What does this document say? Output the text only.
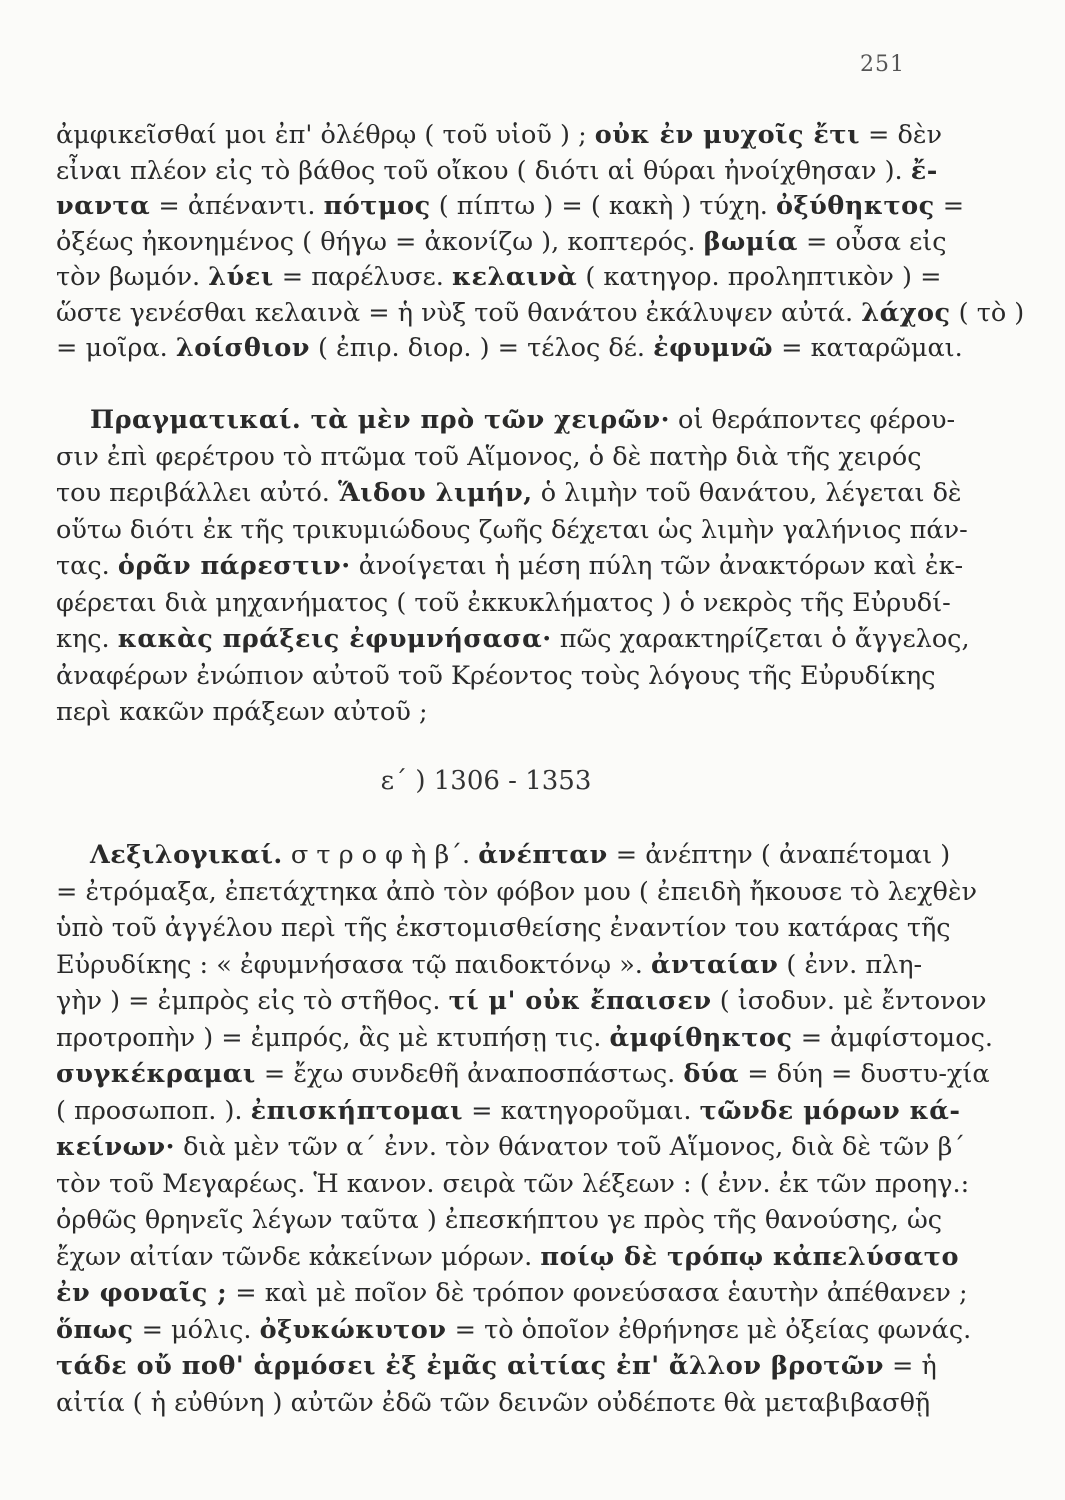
251
ἀμφικεῖσθαί μοι ἐπ' ὀλέθρῳ ( τοῦ υἱοῦ ) ; οὐκ ἐν μυχοῖς ἔτι = δὲν
εἶναι πλέον εἰς τὸ βάθος τοῦ οἴκου ( διότι αἱ θύραι ἠνοίχθησαν ). ἔ-
ναντα = ἀπέναντι. πότμος ( πίπτω ) = ( κακὴ ) τύχη. ὀξύθηκτος =
ὀξέως ἠκονημένος ( θήγω = ἀκονίζω ), κοπτερός. βωμία = οὖσα εἰς
τὸν βωμόν. λύει = παρέλυσε. κελαινὰ ( κατηγορ. προληπτικὸν ) =
ὥστε γενέσθαι κελαινὰ = ἡ νὺξ τοῦ θανάτου ἐκάλυψεν αὐτά. λάχος ( τὸ )
= μοῖρα. λοίσθιον ( ἐπιρ. διορ. ) = τέλος δέ. ἐφυμνῶ = καταρῶμαι.
Πραγματικαί. τὰ μὲν πρὸ τῶν χειρῶν· οἱ θεράποντες φέρου-
σιν ἐπὶ φερέτρου τὸ πτῶμα τοῦ Αἵμονος, ὁ δὲ πατὴρ διὰ τῆς χειρός
του περιβάλλει αὐτό. Ἅιδου λιμήν, ὁ λιμὴν τοῦ θανάτου, λέγεται δὲ
οὕτω διότι ἐκ τῆς τρικυμιώδους ζωῆς δέχεται ὡς λιμὴν γαλήνιος πάν-
τας. ὁρᾶν πάρεστιν· ἀνοίγεται ἡ μέση πύλη τῶν ἀνακτόρων καὶ ἐκ-
φέρεται διὰ μηχανήματος ( τοῦ ἐκκυκλήματος ) ὁ νεκρὸς τῆς Εὐρυδί-
κης. κακὰς πράξεις ἐφυμνήσασα· πῶς χαρακτηρίζεται ὁ ἄγγελος,
ἀναφέρων ἐνώπιον αὐτοῦ τοῦ Κρέοντος τοὺς λόγους τῆς Εὐρυδίκης
περὶ κακῶν πράξεων αὐτοῦ ;
ε΄ ) 1306 - 1353
Λεξιλογικαί. σ τ ρ ο φ ὴ β΄. ἀνέπταν = ἀνέπτην ( ἀναπέτομαι )
= ἐτρόμαξα, ἐπετάχτηκα ἀπὸ τὸν φόβον μου ( ἐπειδὴ ἤκουσε τὸ λεχθὲν
ὑπὸ τοῦ ἀγγέλου περὶ τῆς ἐκστομισθείσης ἐναντίον του κατάρας τῆς
Εὐρυδίκης : « ἐφυμνήσασα τῷ παιδοκτόνῳ ». ἀνταίαν ( ἐνν. πλη-
γὴν ) = ἐμπρὸς εἰς τὸ στῆθος. τί μ' οὐκ ἔπαισεν ( ἰσοδυν. μὲ ἔντονον
προτροπὴν ) = ἐμπρός, ἂς μὲ κτυπήσῃ τις. ἀμφίθηκτος = ἀμφίστομος.
συγκέκραμαι = ἔχω συνδεθῆ ἀναποσπάστως. δύα = δύη = δυστυ-χία
( προσωποπ. ). ἐπισκήπτομαι = κατηγοροῦμαι. τῶνδε μόρων κά-
κείνων· διὰ μὲν τῶν α΄ ἐνν. τὸν θάνατον τοῦ Αἵμονος, διὰ δὲ τῶν β΄
τὸν τοῦ Μεγαρέως. Ἡ κανον. σειρὰ τῶν λέξεων : ( ἐνν. ἐκ τῶν προηγ.:
ὀρθῶς θρηνεῖς λέγων ταῦτα ) ἐπεσκήπτου γε πρὸς τῆς θανούσης, ὡς
ἔχων αἰτίαν τῶνδε κἀκείνων μόρων. ποίῳ δὲ τρόπῳ κἀπελύσατο
ἐν φοναῖς ; = καὶ μὲ ποῖον δὲ τρόπον φονεύσασα ἑαυτὴν ἀπέθανεν ;
ὅπως = μόλις. ὀξυκώκυτον = τὸ ὁποῖον ἐθρήνησε μὲ ὀξείας φωνάς.
τάδε οὔ ποθ' ἁρμόσει ἐξ ἐμᾶς αἰτίας ἐπ' ἄλλον βροτῶν = ἡ
αἰτία ( ἡ εὐθύνη ) αὐτῶν ἐδῶ τῶν δεινῶν οὐδέποτε θὰ μεταβιβασθῇ
